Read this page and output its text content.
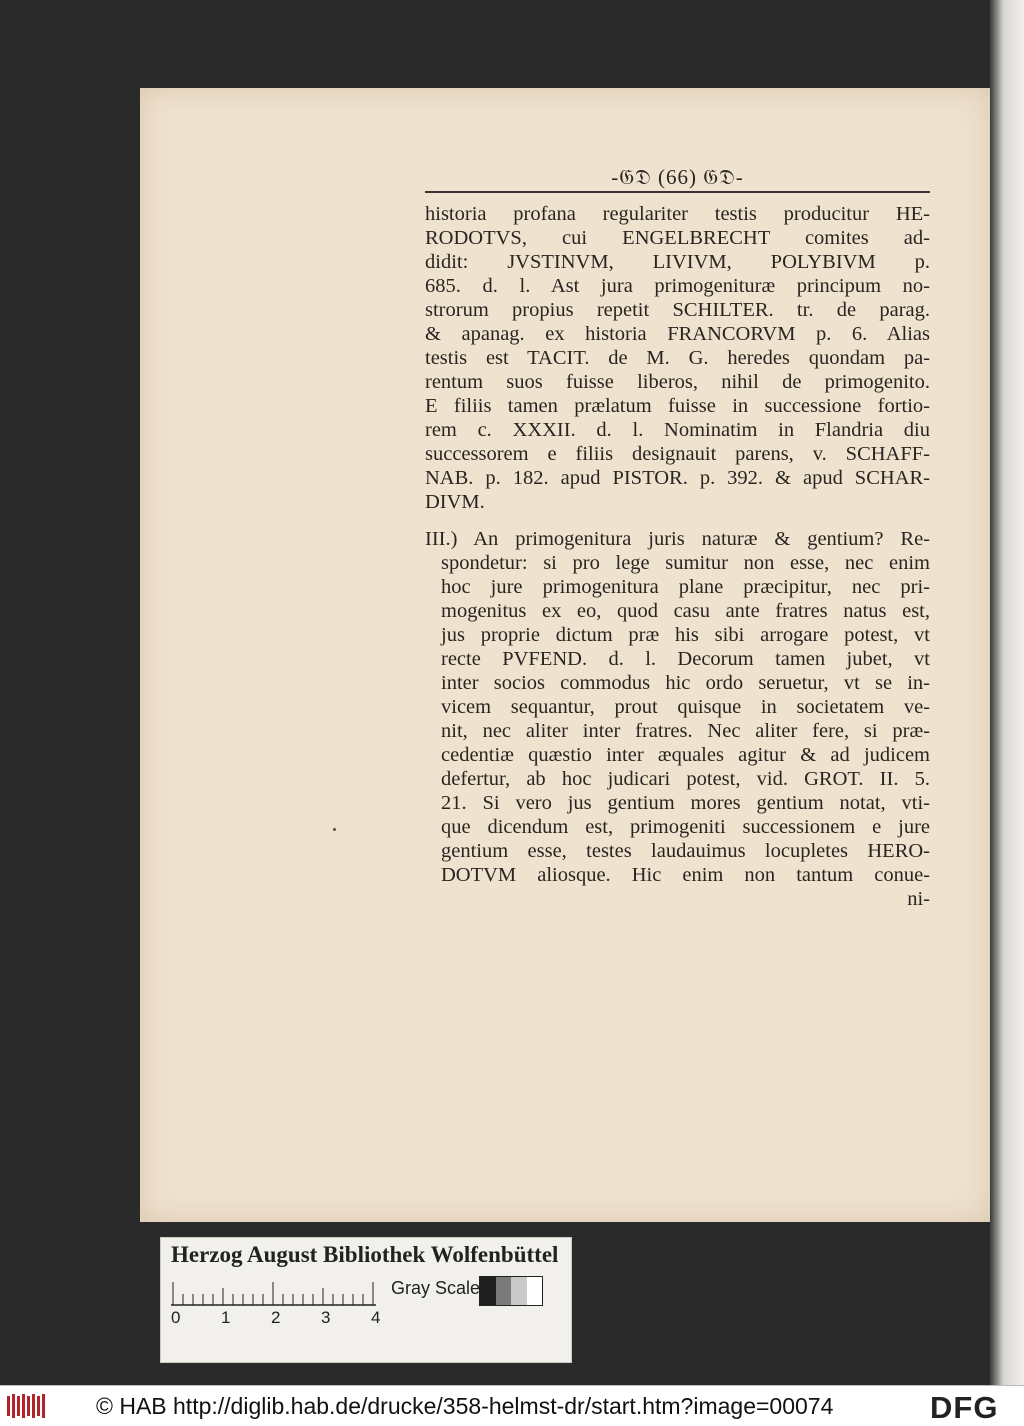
-𝔊𝔇 (66) 𝔊𝔇-
historia profana regulariter testis producitur HE-
RODOTVS, cui ENGELBRECHT comites ad-
didit: JVSTINVM, LIVIVM, POLYBIVM p.
685. d. l. Ast jura primogenituræ principum no-
strorum propius repetit SCHILTER. tr. de parag.
& apanag. ex historia FRANCORVM p. 6. Alias
testis est TACIT. de M. G. heredes quondam pa-
rentum suos fuisse liberos, nihil de primogenito.
E filiis tamen prælatum fuisse in successione fortio-
rem c. XXXII. d. l. Nominatim in Flandria diu
successorem e filiis designauit parens, v. SCHAFF-
NAB. p. 182. apud PISTOR. p. 392. & apud SCHAR-
DIVM.
III.) An primogenitura juris naturæ & gentium? Re-
spondetur: si pro lege sumitur non esse, nec enim
hoc jure primogenitura plane præcipitur, nec pri-
mogenitus ex eo, quod casu ante fratres natus est,
jus proprie dictum præ his sibi arrogare potest, vt
recte PVFEND. d. l. Decorum tamen jubet, vt
inter socios commodus hic ordo seruetur, vt se in-
vicem sequantur, prout quisque in societatem ve-
nit, nec aliter inter fratres. Nec aliter fere, si præ-
cedentiæ quæstio inter æquales agitur & ad judicem
defertur, ab hoc judicari potest, vid. GROT. II. 5.
21. Si vero jus gentium mores gentium notat, vti-
que dicendum est, primogeniti successionem e jure
gentium esse, testes laudauimus locupletes HERO-
DOTVM aliosque. Hic enim non tantum conue-
ni-
Herzog August Bibliothek Wolfenbüttel
0 1 2 3 4
Gray Scale
© HAB http://diglib.hab.de/drucke/358-helmst-dr/start.htm?image=00074	DFG
